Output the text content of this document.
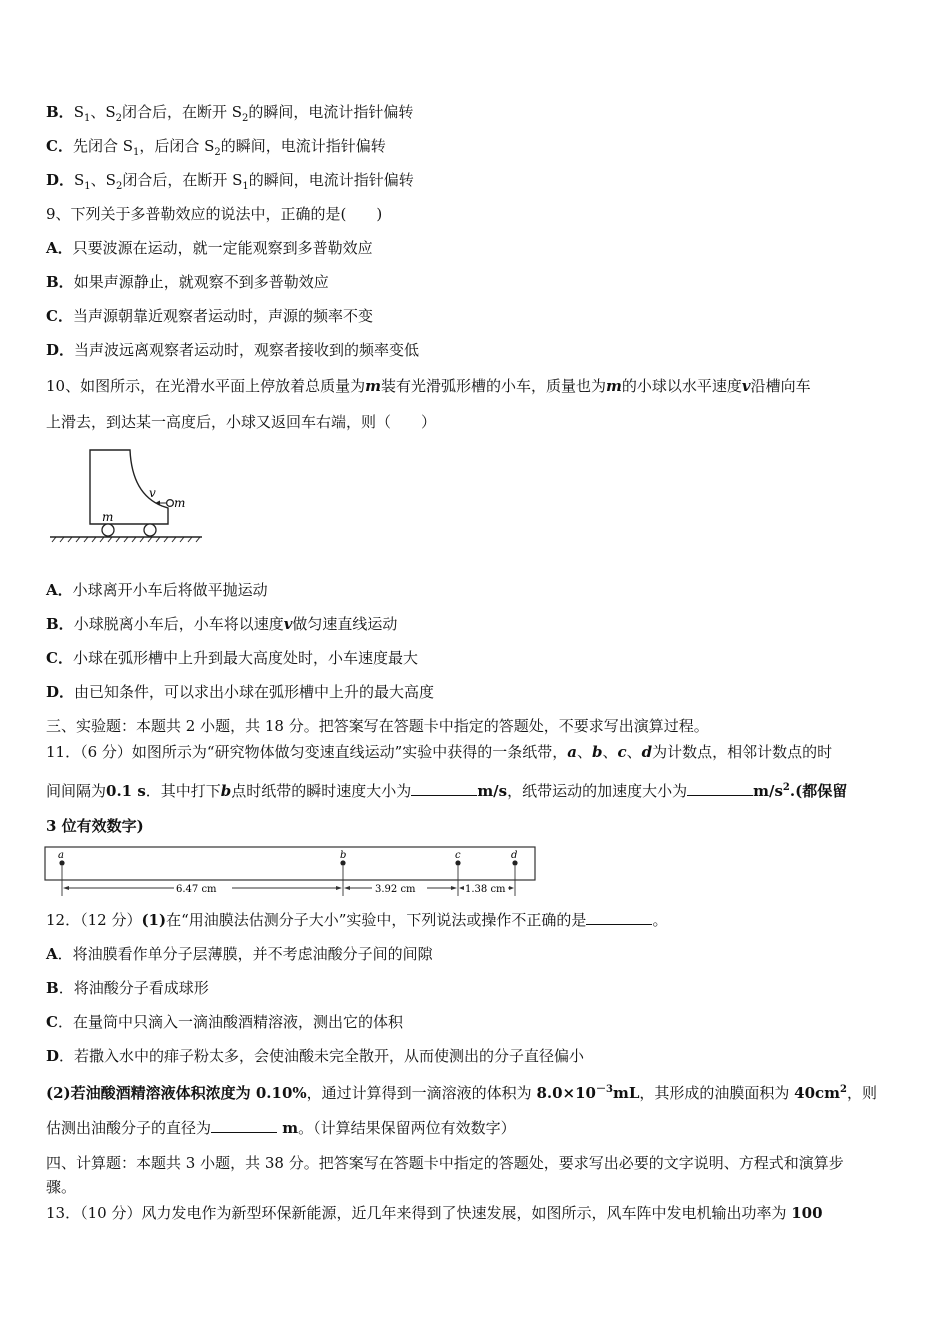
B．$S_1$、$S_2$闭合后，在断开 $S_2$的瞬间，电流计指针偏转
C．先闭合 $S_1$，后闭合 $S_2$的瞬间，电流计指针偏转
D．$S_1$、$S_2$闭合后，在断开 $S_1$的瞬间，电流计指针偏转
9、下列关于多普勒效应的说法中，正确的是(　　)
A．只要波源在运动，就一定能观察到多普勒效应
B．如果声源静止，就观察不到多普勒效应
C．当声源朝靠近观察者运动时，声源的频率不变
D．当声波远离观察者运动时，观察者接收到的频率变低
10、如图所示，在光滑水平面上停放着总质量为m装有光滑弧形槽的小车，质量也为m的小球以水平速度v沿槽向车
上滑去，到达某一高度后，小球又返回车右端，则（　　）
v
m
m
A．小球离开小车后将做平抛运动
B．小球脱离小车后，小车将以速度v做匀速直线运动
C．小球在弧形槽中上升到最大高度处时，小车速度最大
D．由已知条件，可以求出小球在弧形槽中上升的最大高度
三、实验题：本题共 2 小题，共 18 分。把答案写在答题卡中指定的答题处，不要求写出演算过程。
11．（6 分）如图所示为“研究物体做匀变速直线运动”实验中获得的一条纸带，a、b、c、d为计数点，相邻计数点的时
间间隔为0.1 s．其中打下b点时纸带的瞬时速度大小为	m/s，纸带运动的加速度大小为	$m/s^2$.(都保留
3 位有效数字)
a	b	c	d
6.47 cm	3.92 cm	1.38 cm
12．（12 分）(1)在“用油膜法估测分子大小”实验中，下列说法或操作不正确的是	。
A．将油膜看作单分子层薄膜，并不考虑油酸分子间的间隙
B．将油酸分子看成球形
C．在量筒中只滴入一滴油酸酒精溶液，测出它的体积
D．若撒入水中的痱子粉太多，会使油酸未完全散开，从而使测出的分子直径偏小
(2)若油酸酒精溶液体积浓度为 0.10%，通过计算得到一滴溶液的体积为 $8.0\times 10^{-3}mL$，其形成的油膜面积为 $40cm^2$，则
估测出油酸分子的直径为	m。（计算结果保留两位有效数字）
四、计算题：本题共 3 小题，共 38 分。把答案写在答题卡中指定的答题处，要求写出必要的文字说明、方程式和演算步
骤。
13．（10 分）风力发电作为新型环保新能源，近几年来得到了快速发展，如图所示，风车阵中发电机输出功率为 100
